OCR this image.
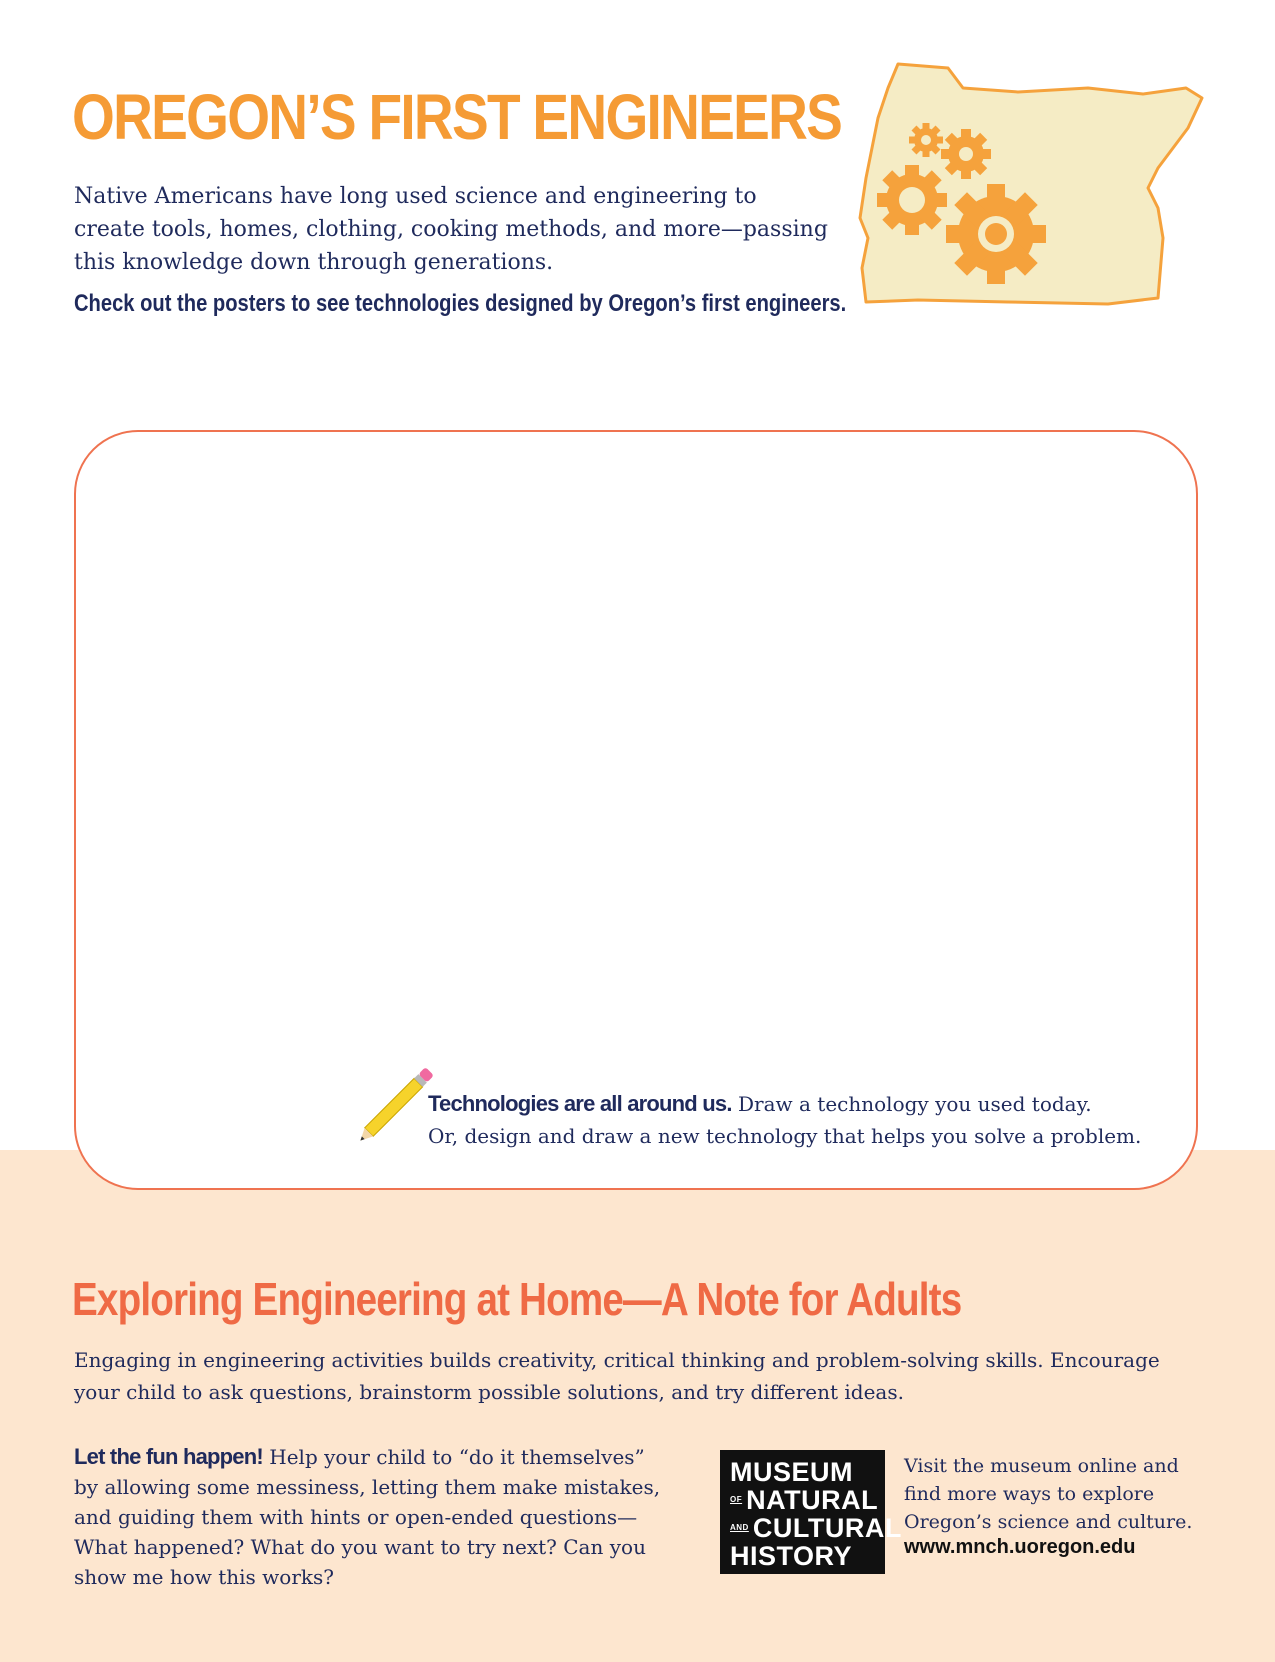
OREGON’S FIRST ENGINEERS

Native Americans have long used science and engineering to create tools, homes, clothing, cooking methods, and more—passing this knowledge down through generations.

Check out the posters to see technologies designed by Oregon’s first engineers.

Technologies are all around us. Draw a technology you used today.
Or, design and draw a new technology that helps you solve a problem.

Exploring Engineering at Home—A Note for Adults

Engaging in engineering activities builds creativity, critical thinking and problem-solving skills. Encourage your child to ask questions, brainstorm possible solutions, and try different ideas.

Let the fun happen! Help your child to “do it themselves” by allowing some messiness, letting them make mistakes, and guiding them with hints or open-ended questions—What happened? What do you want to try next? Can you show me how this works?

MUSEUM
OF NATURAL
AND CULTURAL
HISTORY

Visit the museum online and find more ways to explore Oregon’s science and culture.

www.mnch.uoregon.edu
